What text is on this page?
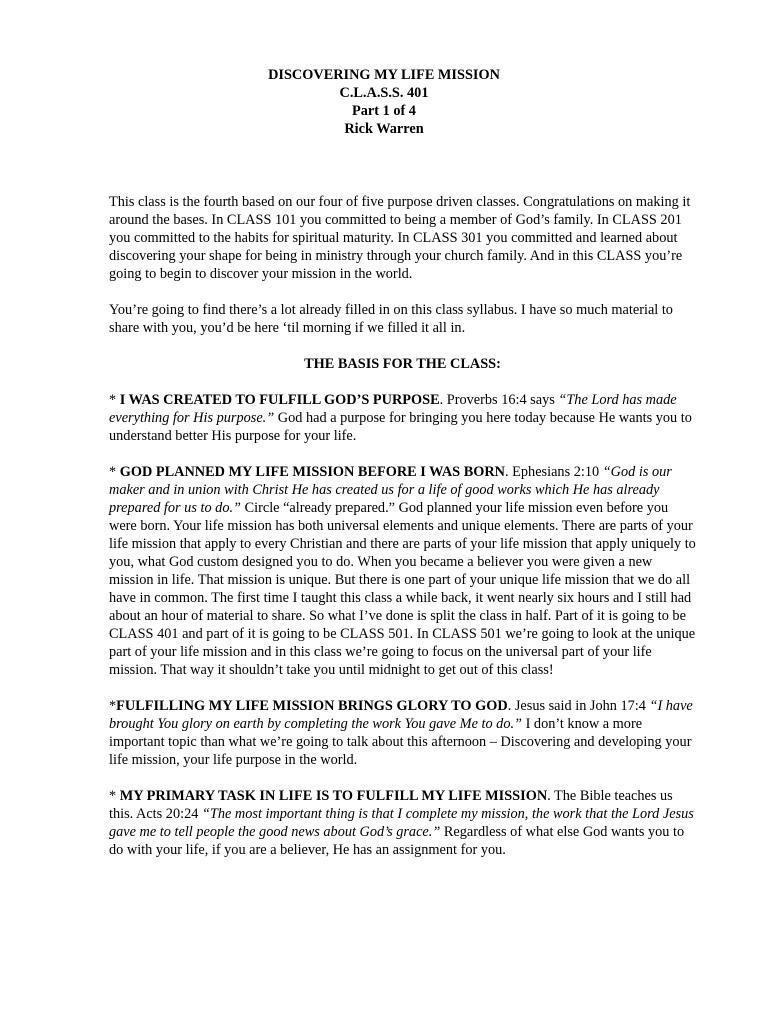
DISCOVERING MY LIFE MISSION
C.L.A.S.S. 401
Part 1 of 4
Rick Warren

This class is the fourth based on our four of five purpose driven classes. Congratulations on making it around the bases. In CLASS 101 you committed to being a member of God’s family. In CLASS 201 you committed to the habits for spiritual maturity. In CLASS 301 you committed and learned about discovering your shape for being in ministry through your church family. And in this CLASS you’re going to begin to discover your mission in the world.

You’re going to find there’s a lot already filled in on this class syllabus. I have so much material to share with you, you’d be here ‘til morning if we filled it all in.

THE BASIS FOR THE CLASS:

* I WAS CREATED TO FULFILL GOD’S PURPOSE. Proverbs 16:4 says “The Lord has made everything for His purpose.” God had a purpose for bringing you here today because He wants you to understand better His purpose for your life.

* GOD PLANNED MY LIFE MISSION BEFORE I WAS BORN. Ephesians 2:10 “God is our maker and in union with Christ He has created us for a life of good works which He has already prepared for us to do.” Circle “already prepared.” God planned your life mission even before you were born. Your life mission has both universal elements and unique elements. There are parts of your life mission that apply to every Christian and there are parts of your life mission that apply uniquely to you, what God custom designed you to do. When you became a believer you were given a new mission in life. That mission is unique. But there is one part of your unique life mission that we do all have in common. The first time I taught this class a while back, it went nearly six hours and I still had about an hour of material to share. So what I’ve done is split the class in half. Part of it is going to be CLASS 401 and part of it is going to be CLASS 501. In CLASS 501 we’re going to look at the unique part of your life mission and in this class we’re going to focus on the universal part of your life mission. That way it shouldn’t take you until midnight to get out of this class!

*FULFILLING MY LIFE MISSION BRINGS GLORY TO GOD. Jesus said in John 17:4 “I have brought You glory on earth by completing the work You gave Me to do.” I don’t know a more important topic than what we’re going to talk about this afternoon – Discovering and developing your life mission, your life purpose in the world.

* MY PRIMARY TASK IN LIFE IS TO FULFILL MY LIFE MISSION. The Bible teaches us this. Acts 20:24 “The most important thing is that I complete my mission, the work that the Lord Jesus gave me to tell people the good news about God’s grace.” Regardless of what else God wants you to do with your life, if you are a believer, He has an assignment for you.
